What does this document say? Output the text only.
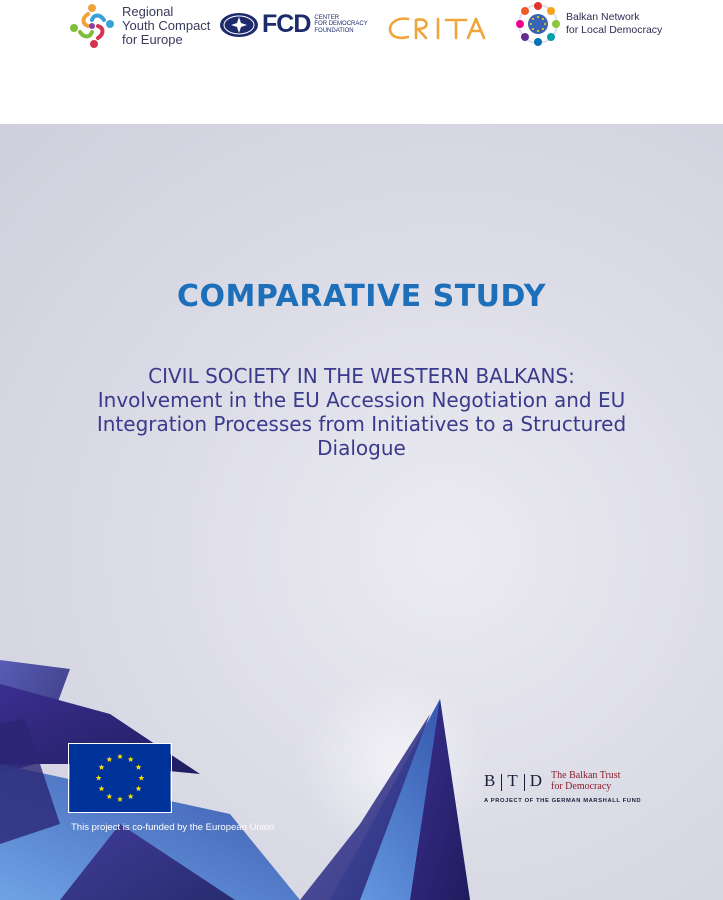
Regional
Youth Compact
for Europe
FCD CENTER
FOR DEMOCRACY
FOUNDATION
Balkan Network
for Local Democracy
COMPARATIVE STUDY
CIVIL SOCIETY IN THE WESTERN BALKANS:
Involvement in the EU Accession Negotiation and EU
Integration Processes from Initiatives to a Structured
Dialogue

This project is co-funded by the European Union

B T D The Balkan Trust
for Democracy

A PROJECT OF THE GERMAN MARSHALL FUND
